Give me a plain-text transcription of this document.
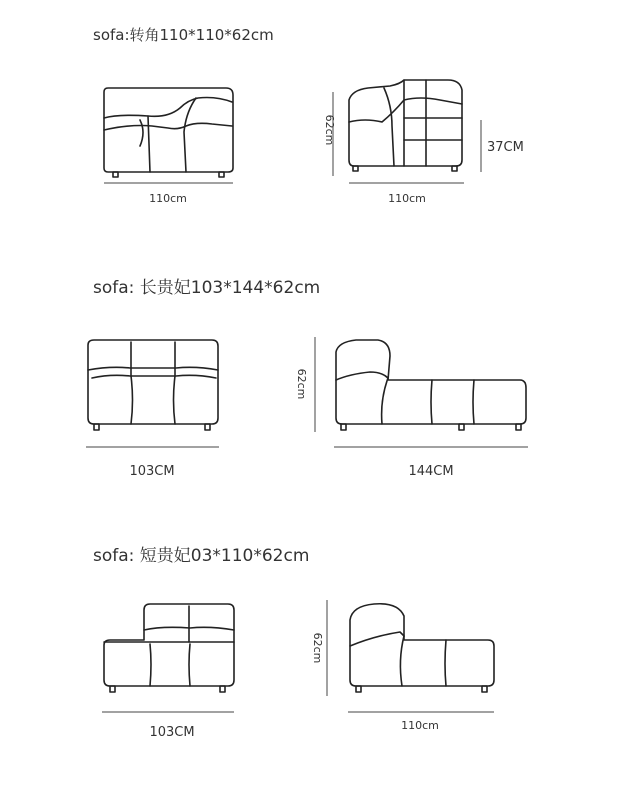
sofa:转角110*110*62cm
sofa: 长贵妃103*144*62cm
sofa: 短贵妃03*110*62cm
110cm
62cm
37CM
110cm
103CM
62cm
144CM
103CM
62cm
110cm
